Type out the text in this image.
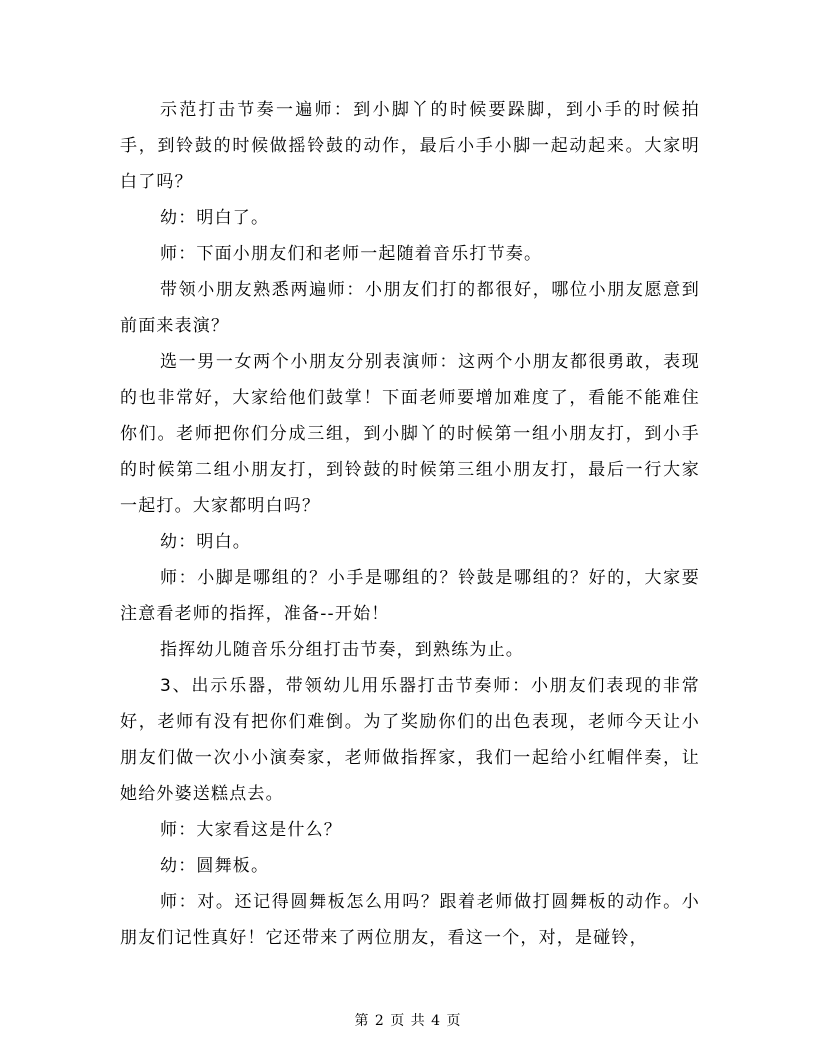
示范打击节奏一遍师：到小脚丫的时候要跺脚，到小手的时候拍手，到铃鼓的时候做摇铃鼓的动作，最后小手小脚一起动起来。大家明白了吗？

幼：明白了。

师：下面小朋友们和老师一起随着音乐打节奏。

带领小朋友熟悉两遍师：小朋友们打的都很好，哪位小朋友愿意到前面来表演？

选一男一女两个小朋友分别表演师：这两个小朋友都很勇敢，表现的也非常好，大家给他们鼓掌！下面老师要增加难度了，看能不能难住你们。老师把你们分成三组，到小脚丫的时候第一组小朋友打，到小手的时候第二组小朋友打，到铃鼓的时候第三组小朋友打，最后一行大家一起打。大家都明白吗？

幼：明白。

师：小脚是哪组的？小手是哪组的？铃鼓是哪组的？好的，大家要注意看老师的指挥，准备--开始！

指挥幼儿随音乐分组打击节奏，到熟练为止。

3、出示乐器，带领幼儿用乐器打击节奏师：小朋友们表现的非常好，老师有没有把你们难倒。为了奖励你们的出色表现，老师今天让小朋友们做一次小小演奏家，老师做指挥家，我们一起给小红帽伴奏，让她给外婆送糕点去。

师：大家看这是什么？

幼：圆舞板。

师：对。还记得圆舞板怎么用吗？跟着老师做打圆舞板的动作。小朋友们记性真好！它还带来了两位朋友，看这一个，对，是碰铃，

第 2 页 共 4 页
